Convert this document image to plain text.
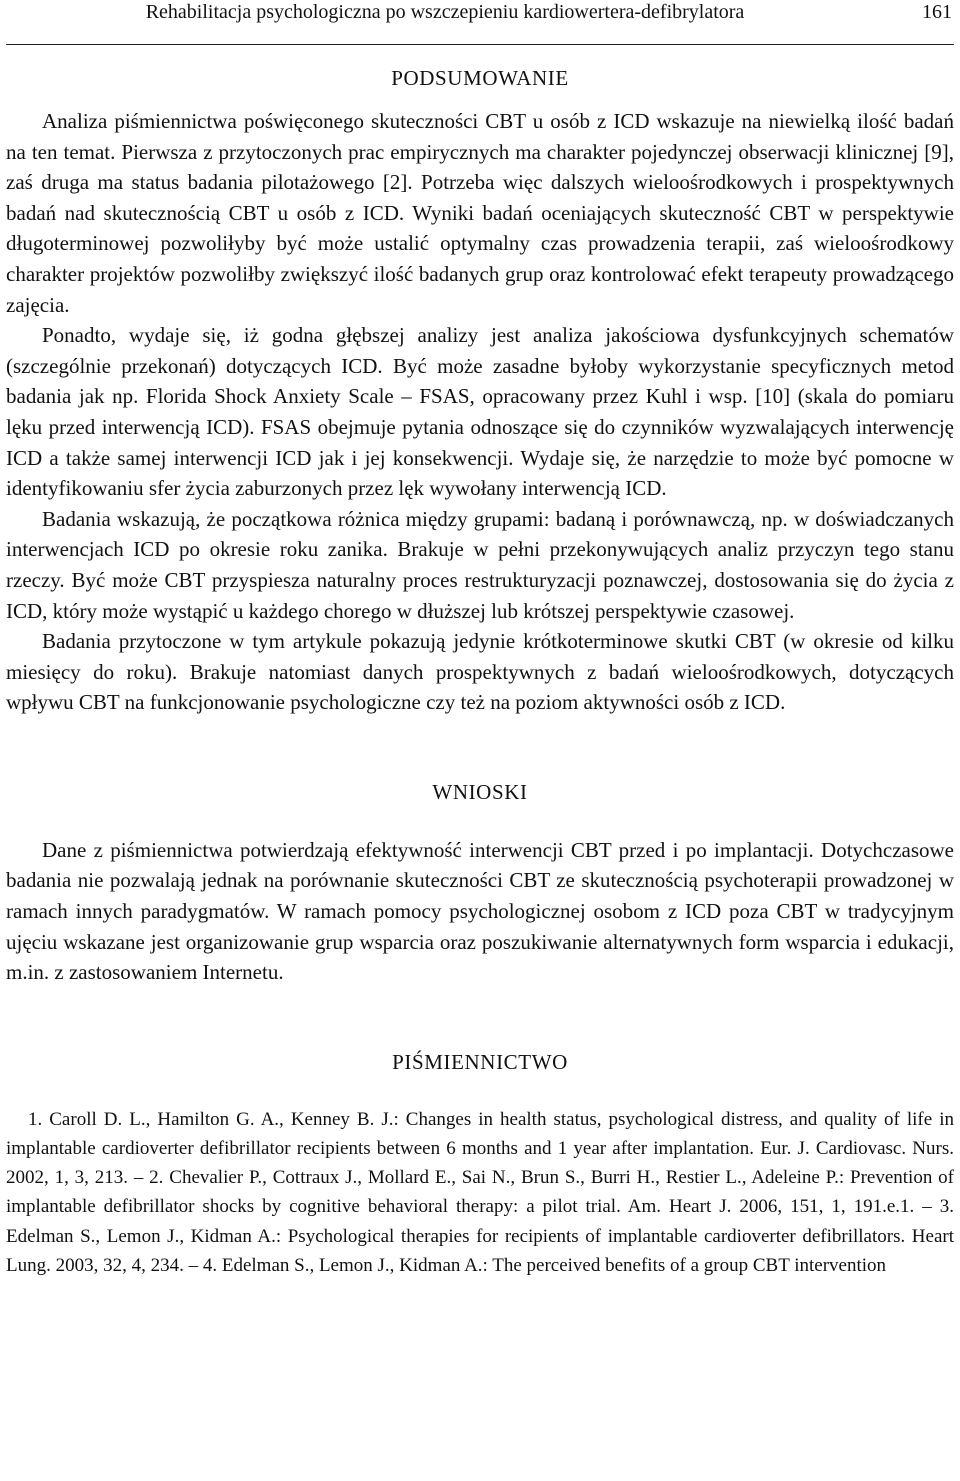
Rehabilitacja psychologiczna po wszczepieniu kardiowertera-defibrylatora	161
PODSUMOWANIE

Analiza piśmiennictwa poświęconego skuteczności CBT u osób z ICD wskazuje na niewielką ilość badań na ten temat. Pierwsza z przytoczonych prac empirycznych ma charakter pojedynczej obserwacji klinicznej [9], zaś druga ma status badania pilotażowego [2]. Potrzeba więc dalszych wieloośrodkowych i prospektywnych badań nad skutecznością CBT u osób z ICD. Wyniki badań oceniających skuteczność CBT w perspektywie długoterminowej pozwoliłyby być może ustalić optymalny czas prowadzenia terapii, zaś wieloośrodkowy charakter projektów pozwoliłby zwiększyć ilość badanych grup oraz kontrolować efekt terapeuty prowadzącego zajęcia.

Ponadto, wydaje się, iż godna głębszej analizy jest analiza jakościowa dysfunkcyjnych schematów (szczególnie przekonań) dotyczących ICD. Być może zasadne byłoby wykorzystanie specyficznych metod badania jak np. Florida Shock Anxiety Scale – FSAS, opracowany przez Kuhl i wsp. [10] (skala do pomiaru lęku przed interwencją ICD). FSAS obejmuje pytania odnoszące się do czynników wyzwalających interwencję ICD a także samej interwencji ICD jak i jej konsekwencji. Wydaje się, że narzędzie to może być pomocne w identyfikowaniu sfer życia zaburzonych przez lęk wywołany interwencją ICD.

Badania wskazują, że początkowa różnica między grupami: badaną i porównawczą, np. w doświadczanych interwencjach ICD po okresie roku zanika. Brakuje w pełni przekonywujących analiz przyczyn tego stanu rzeczy. Być może CBT przyspiesza naturalny proces restrukturyzacji poznawczej, dostosowania się do życia z ICD, który może wystąpić u każdego chorego w dłuższej lub krótszej perspektywie czasowej.

Badania przytoczone w tym artykule pokazują jedynie krótkoterminowe skutki CBT (w okresie od kilku miesięcy do roku). Brakuje natomiast danych prospektywnych z badań wieloośrodkowych, dotyczących wpływu CBT na funkcjonowanie psychologiczne czy też na poziom aktywności osób z ICD.

WNIOSKI

Dane z piśmiennictwa potwierdzają efektywność interwencji CBT przed i po implantacji. Dotychczasowe badania nie pozwalają jednak na porównanie skuteczności CBT ze skutecznością psychoterapii prowadzonej w ramach innych paradygmatów. W ramach pomocy psychologicznej osobom z ICD poza CBT w tradycyjnym ujęciu wskazane jest organizowanie grup wsparcia oraz poszukiwanie alternatywnych form wsparcia i edukacji, m.in. z zastosowaniem Internetu.

PIŚMIENNICTWO

1. Caroll D. L., Hamilton G. A., Kenney B. J.: Changes in health status, psychological distress, and quality of life in implantable cardioverter defibrillator recipients between 6 months and 1 year after implantation. Eur. J. Cardiovasc. Nurs. 2002, 1, 3, 213. – 2. Chevalier P., Cottraux J., Mollard E., Sai N., Brun S., Burri H., Restier L., Adeleine P.: Prevention of implantable defibrillator shocks by cognitive behavioral therapy: a pilot trial. Am. Heart J. 2006, 151, 1, 191.e.1. – 3. Edelman S., Lemon J., Kidman A.: Psychological therapies for recipients of implantable cardioverter defibrillators. Heart Lung. 2003, 32, 4, 234. – 4. Edelman S., Lemon J., Kidman A.: The perceived benefits of a group CBT intervention
